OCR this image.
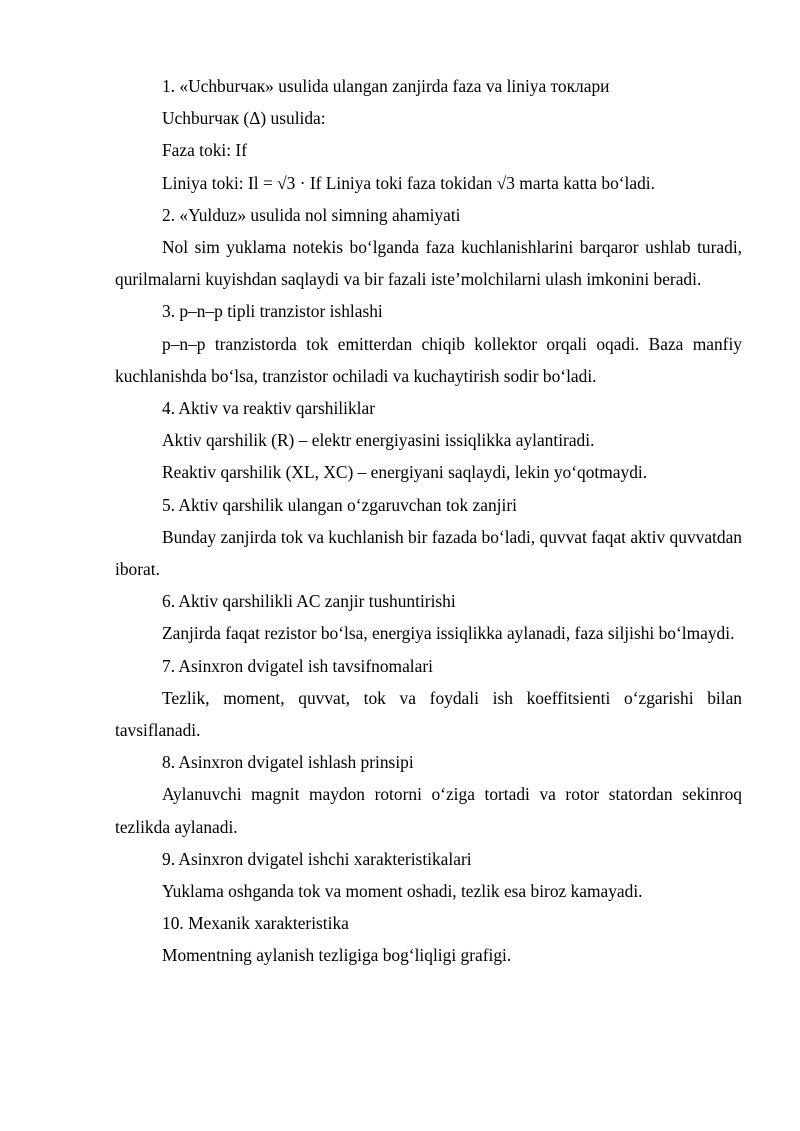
1. «Uchburчак» usulida ulangan zanjirda faza va liniya токлари

Uchburчак (Δ) usulida:

Faza toki: If

Liniya toki: Il = √3 · If Liniya toki faza tokidan √3 marta katta bo‘ladi.

2. «Yulduz» usulida nol simning ahamiyati

Nol sim yuklama notekis bo‘lganda faza kuchlanishlarini barqaror ushlab turadi, qurilmalarni kuyishdan saqlaydi va bir fazali iste’molchilarni ulash imkonini beradi.

3. p–n–p tipli tranzistor ishlashi

p–n–p tranzistorda tok emitterdan chiqib kollektor orqali oqadi. Baza manfiy kuchlanishda bo‘lsa, tranzistor ochiladi va kuchaytirish sodir bo‘ladi.

4. Aktiv va reaktiv qarshiliklar

Aktiv qarshilik (R) – elektr energiyasini issiqlikka aylantiradi.

Reaktiv qarshilik (XL, XC) – energiyani saqlaydi, lekin yo‘qotmaydi.

5. Aktiv qarshilik ulangan o‘zgaruvchan tok zanjiri

Bunday zanjirda tok va kuchlanish bir fazada bo‘ladi, quvvat faqat aktiv quvvatdan iborat.

6. Aktiv qarshilikli AC zanjir tushuntirishi

Zanjirda faqat rezistor bo‘lsa, energiya issiqlikka aylanadi, faza siljishi bo‘lmaydi.

7. Asinxron dvigatel ish tavsifnomalari

Tezlik, moment, quvvat, tok va foydali ish koeffitsienti o‘zgarishi bilan tavsiflanadi.

8. Asinxron dvigatel ishlash prinsipi

Aylanuvchi magnit maydon rotorni o‘ziga tortadi va rotor statordan sekinroq tezlikda aylanadi.

9. Asinxron dvigatel ishchi xarakteristikalari

Yuklama oshganda tok va moment oshadi, tezlik esa biroz kamayadi.

10. Mexanik xarakteristika

Momentning aylanish tezligiga bog‘liqligi grafigi.
